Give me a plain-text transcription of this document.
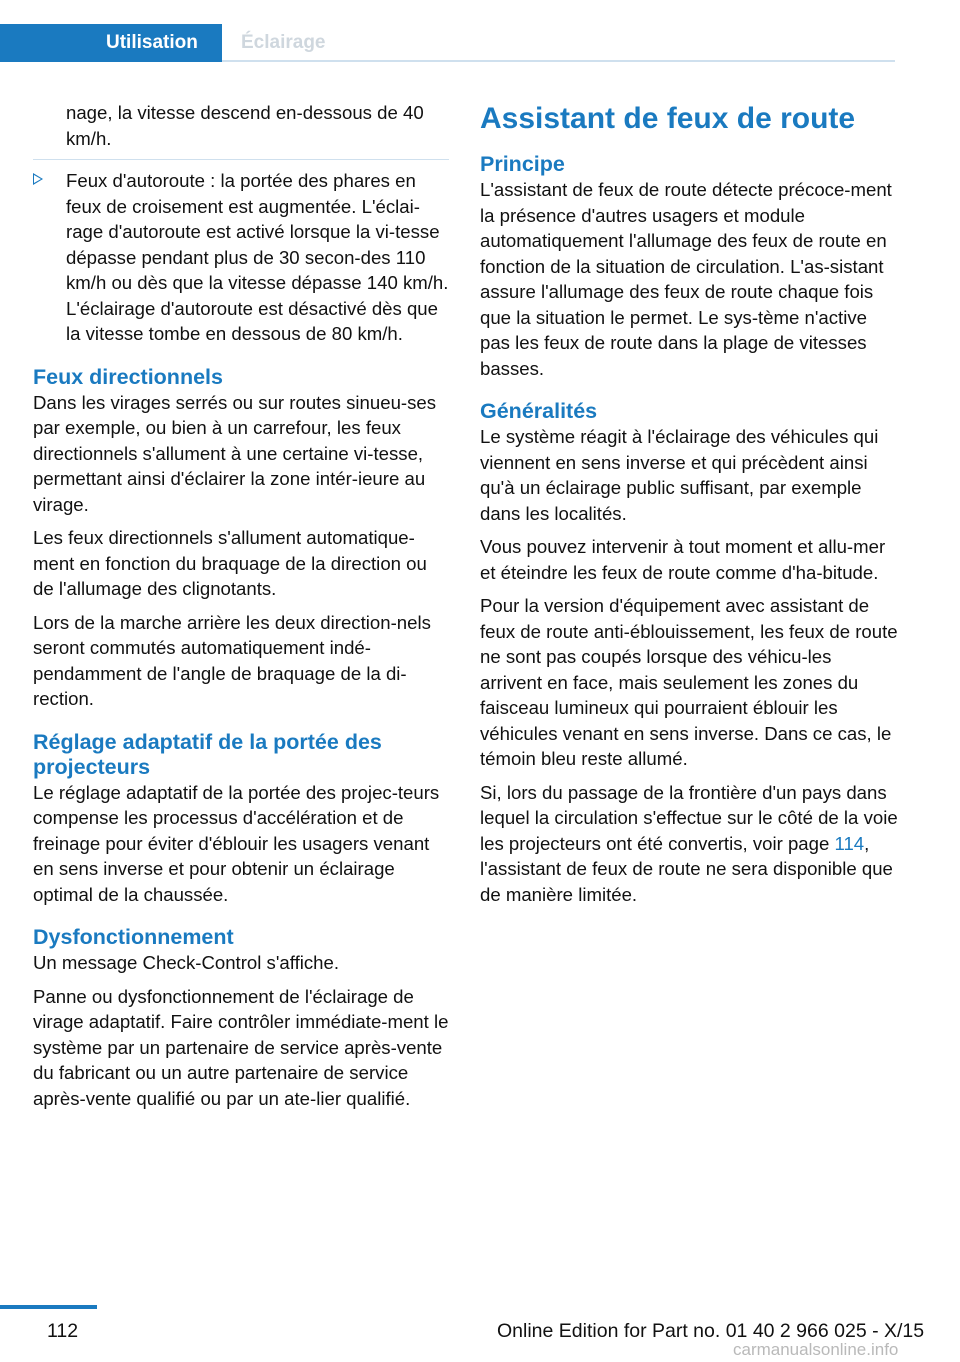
Utilisation Éclairage

nage, la vitesse descend en-dessous de 40 km/h.

Feux d'autoroute : la portée des phares en feux de croisement est augmentée. L'éclai-rage d'autoroute est activé lorsque la vi-tesse dépasse pendant plus de 30 secon-des 110 km/h ou dès que la vitesse dépasse 140 km/h. L'éclairage d'autoroute est désactivé dès que la vitesse tombe en dessous de 80 km/h.
Feux directionnels

Dans les virages serrés ou sur routes sinueu-ses par exemple, ou bien à un carrefour, les feux directionnels s'allument à une certaine vi-tesse, permettant ainsi d'éclairer la zone intér-ieure au virage.

Les feux directionnels s'allument automatique-ment en fonction du braquage de la direction ou de l'allumage des clignotants.

Lors de la marche arrière les deux direction-nels seront commutés automatiquement indé-pendamment de l'angle de braquage de la di-rection.

Réglage adaptatif de la portée des projecteurs

Le réglage adaptatif de la portée des projec-teurs compense les processus d'accélération et de freinage pour éviter d'éblouir les usagers venant en sens inverse et pour obtenir un éclairage optimal de la chaussée.

Dysfonctionnement

Un message Check-Control s'affiche.

Panne ou dysfonctionnement de l'éclairage de virage adaptatif. Faire contrôler immédiate-ment le système par un partenaire de service après-vente du fabricant ou un autre partenaire de service après-vente qualifié ou par un ate-lier qualifié.

Assistant de feux de route
Principe

L'assistant de feux de route détecte précoce-ment la présence d'autres usagers et module automatiquement l'allumage des feux de route en fonction de la situation de circulation. L'as-sistant assure l'allumage des feux de route chaque fois que la situation le permet. Le sys-tème n'active pas les feux de route dans la plage de vitesses basses.

Généralités

Le système réagit à l'éclairage des véhicules qui viennent en sens inverse et qui précèdent ainsi qu'à un éclairage public suffisant, par exemple dans les localités.

Vous pouvez intervenir à tout moment et allu-mer et éteindre les feux de route comme d'ha-bitude.

Pour la version d'équipement avec assistant de feux de route anti-éblouissement, les feux de route ne sont pas coupés lorsque des véhicu-les arrivent en face, mais seulement les zones du faisceau lumineux qui pourraient éblouir les véhicules venant en sens inverse. Dans ce cas, le témoin bleu reste allumé.

Si, lors du passage de la frontière d'un pays dans lequel la circulation s'effectue sur le côté de la voie les projecteurs ont été convertis, voir page 114, l'assistant de feux de route ne sera disponible que de manière limitée.

112	Online Edition for Part no. 01 40 2 966 025 - X/15
carmanualsonline.info
